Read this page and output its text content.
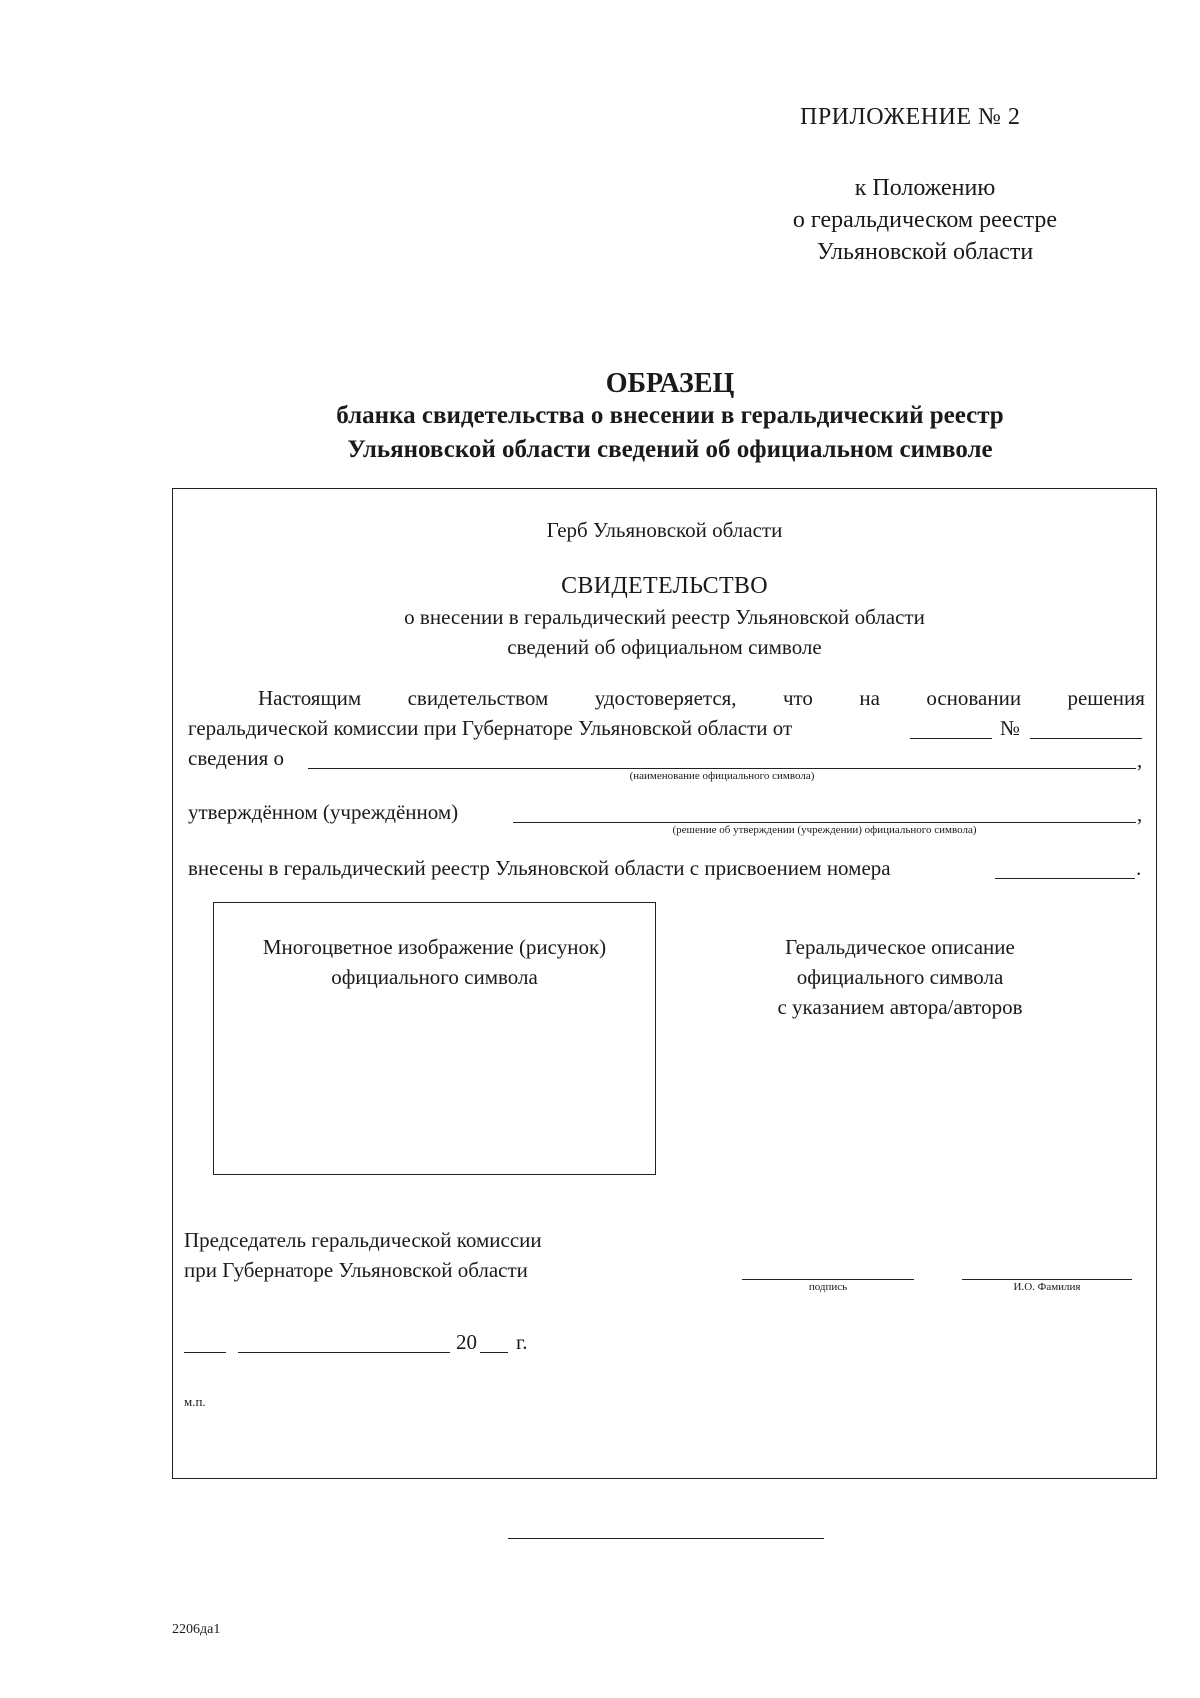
ПРИЛОЖЕНИЕ № 2
к Положению
о геральдическом реестре
Ульяновской области
ОБРАЗЕЦ
бланка свидетельства о внесении в геральдический реестр
Ульяновской области сведений об официальном символе
Герб Ульяновской области
СВИДЕТЕЛЬСТВО
о внесении в геральдический реестр Ульяновской области
сведений об официальном символе
Настоящим свидетельством удостоверяется, что на основании решения
геральдической комиссии при Губернаторе Ульяновской области от	№
сведения о	,
(наименование официального символа)
утверждённом (учреждённом)	,
(решение об утверждении (учреждении) официального символа)
внесены в геральдический реестр Ульяновской области с присвоением номера	.
Многоцветное изображение (рисунок)
официального символа
Геральдическое описание
официального символа
с указанием автора/авторов
Председатель геральдической комиссии
при Губернаторе Ульяновской области
подпись	И.О. Фамилия
20 г.
м.п.
2206да1
